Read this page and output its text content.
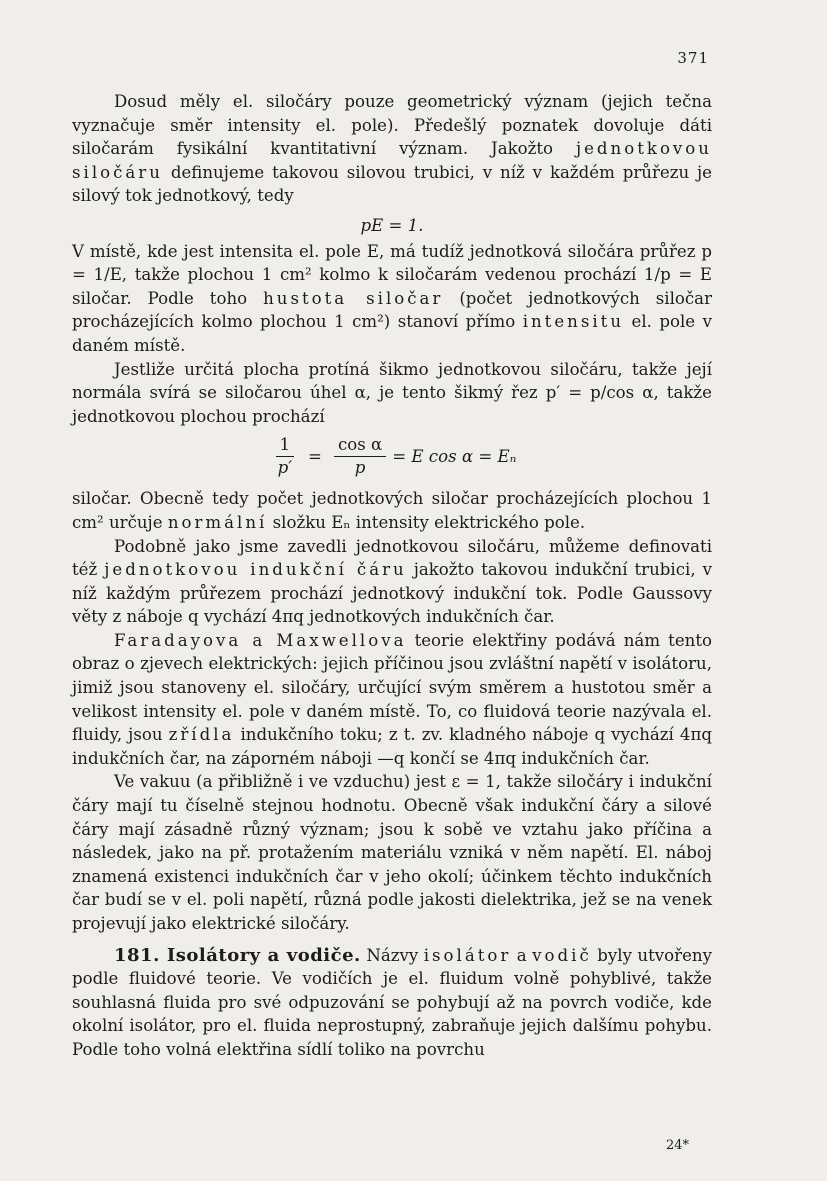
371

Dosud měly el. siločáry pouze geometrický význam (jejich tečna vyznačuje směr intensity el. pole). Předešlý poznatek dovoluje dáti siločarám fysikální kvantitativní význam. Jakožto jednotkovou siločáru definujeme takovou silovou trubici, v níž v každém průřezu je silový tok jednotkový, tedy

pE = 1.

V místě, kde jest intensita el. pole E, má tudíž jednotková siločára průřez p = 1/E, takže plochou 1 cm² kolmo k siločarám vedenou prochází 1/p = E siločar. Podle toho hustota siločar (počet jednotkových siločar procházejících kolmo plochou 1 cm²) stanoví přímo intensitu el. pole v daném místě.

Jestliže určitá plocha protíná šikmo jednotkovou siločáru, takže její normála svírá se siločarou úhel α, je tento šikmý řez p′ = p/cos α, takže jednotkovou plochou prochází

$\frac{1}{p'} = \frac{\text{cos α}}{p} = E$ cos α = Eₙ

siločar. Obecně tedy počet jednotkových siločar procházejících plochou 1 cm² určuje normální složku Eₙ intensity elektrického pole.

Podobně jako jsme zavedli jednotkovou siločáru, můžeme definovati též jednotkovou indukční čáru jakožto takovou indukční trubici, v níž každým průřezem prochází jednotkový indukční tok. Podle Gaussovy věty z náboje q vychází 4πq jednotkových indukčních čar.

Faradayova a Maxwellova teorie elektřiny podává nám tento obraz o zjevech elektrických: jejich příčinou jsou zvláštní napětí v isolátoru, jimiž jsou stanoveny el. siločáry, určující svým směrem a hustotou směr a velikost intensity el. pole v daném místě. To, co fluidová teorie nazývala el. fluidy, jsou zřídla indukčního toku; z t. zv. kladného náboje q vychází 4πq indukčních čar, na záporném náboji —q končí se 4πq indukčních čar.

Ve vakuu (a přibližně i ve vzduchu) jest ε = 1, takže siločáry i indukční čáry mají tu číselně stejnou hodnotu. Obecně však indukční čáry a silové čáry mají zásadně různý význam; jsou k sobě ve vztahu jako příčina a následek, jako na př. protažením materiálu vzniká v něm napětí. El. náboj znamená existenci indukčních čar v jeho okolí; účinkem těchto indukčních čar budí se v el. poli napětí, různá podle jakosti dielektrika, jež se na venek projevují jako elektrické siločáry.

181. Isolátory a vodiče. Názvy isolátor a vodič byly utvořeny podle fluidové teorie. Ve vodičích je el. fluidum volně pohyblivé, takže souhlasná fluida pro své odpuzování se pohybují až na povrch vodiče, kde okolní isolátor, pro el. fluida neprostupný, zabraňuje jejich dalšímu pohybu. Podle toho volná elektřina sídlí toliko na povrchu

24*
